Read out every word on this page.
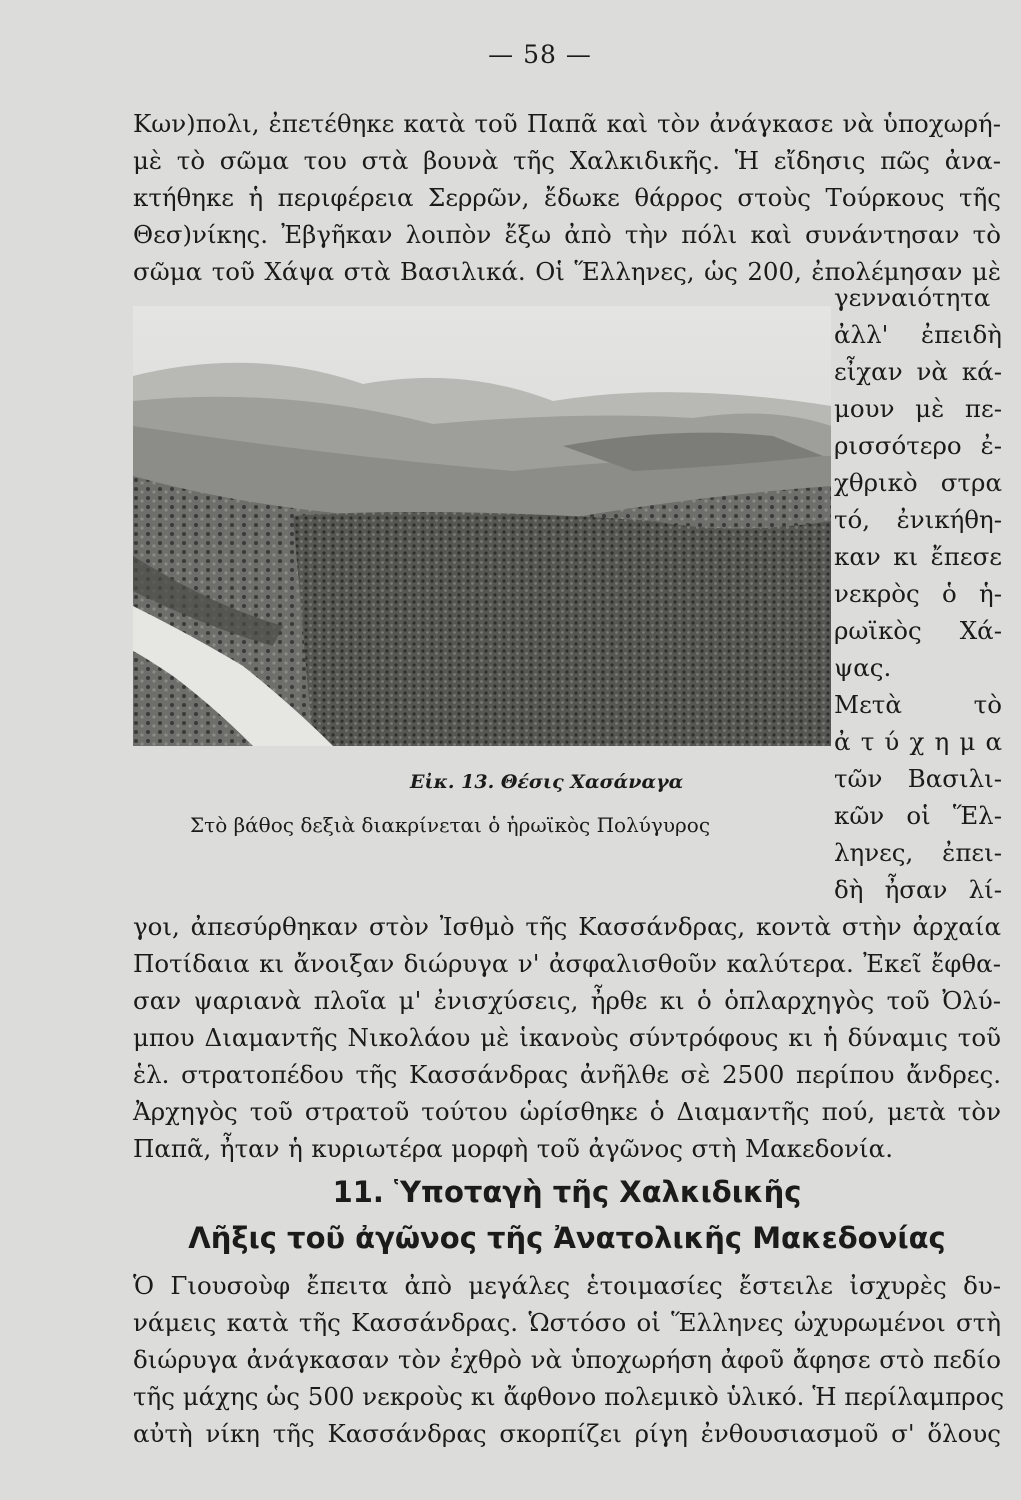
— 58 —
Κων)πολι, ἐπετέθηκε κατὰ τοῦ Παπᾶ καὶ τὸν ἀνάγκασε νὰ ὑποχωρή-
μὲ τὸ σῶμα του στὰ βουνὰ τῆς Χαλκιδικῆς. Ἡ εἴδησις πῶς ἀνα-
κτήθηκε ἡ περιφέρεια Σερρῶν, ἔδωκε θάρρος στοὺς Τούρκους τῆς
Θεσ)νίκης. Ἐβγῆκαν λοιπὸν ἔξω ἀπὸ τὴν πόλι καὶ συνάντησαν τὸ
σῶμα τοῦ Χάψα στὰ Βασιλικά. Οἱ Ἕλληνες, ὡς 200, ἐπολέμησαν μὲ
γενναιότητα
ἀλλ' ἐπειδὴ
εἶχαν νὰ κά-
μουν μὲ πε-
ρισσότερο ἐ-
χθρικὸ στρα
τό, ἐνικήθη-
καν κι ἔπεσε
νεκρὸς ὁ ἡ-
ρωϊκὸς Χά-
ψας.
Μετὰ τὸ
ἀ τ ύ χ η μ α
τῶν Βασιλι-
κῶν οἱ Ἕλ-
ληνες, ἐπει-
δὴ ἦσαν λί-
Εἰκ. 13. Θέσις Χασάναγα
Στὸ βάθος δεξιὰ διακρίνεται ὁ ἡρωϊκὸς Πολύγυρος
γοι, ἀπεσύρθηκαν στὸν Ἰσθμὸ τῆς Κασσάνδρας, κοντὰ στὴν ἀρχαία
Ποτίδαια κι ἄνοιξαν διώρυγα ν' ἀσφαλισθοῦν καλύτερα. Ἐκεῖ ἔφθα-
σαν ψαριανὰ πλοῖα μ' ἐνισχύσεις, ἦρθε κι ὁ ὁπλαρχηγὸς τοῦ Ὀλύ-
μπου Διαμαντῆς Νικολάου μὲ ἱκανοὺς σύντρόφους κι ἡ δύναμις τοῦ
ἑλ. στρατοπέδου τῆς Κασσάνδρας ἀνῆλθε σὲ 2500 περίπου ἄνδρες.
Ἀρχηγὸς τοῦ στρατοῦ τούτου ὡρίσθηκε ὁ Διαμαντῆς πού, μετὰ τὸν
Παπᾶ, ἦταν ἡ κυριωτέρα μορφὴ τοῦ ἀγῶνος στὴ Μακεδονία.
11. Ὑποταγὴ τῆς Χαλκιδικῆς
Λῆξις τοῦ ἀγῶνος τῆς Ἀνατολικῆς Μακεδονίας
Ὁ Γιουσοὺφ ἔπειτα ἀπὸ μεγάλες ἑτοιμασίες ἔστειλε ἰσχυρὲς δυ-
νάμεις κατὰ τῆς Κασσάνδρας. Ὡστόσο οἱ Ἕλληνες ὠχυρωμένοι στὴ
διώρυγα ἀνάγκασαν τὸν ἐχθρὸ νὰ ὑποχωρήση ἀφοῦ ἄφησε στὸ πεδίο
τῆς μάχης ὡς 500 νεκροὺς κι ἄφθονο πολεμικὸ ὑλικό. Ἡ περίλαμπρος
αὐτὴ νίκη τῆς Κασσάνδρας σκορπίζει ρίγη ἐνθουσιασμοῦ σ' ὅλους
